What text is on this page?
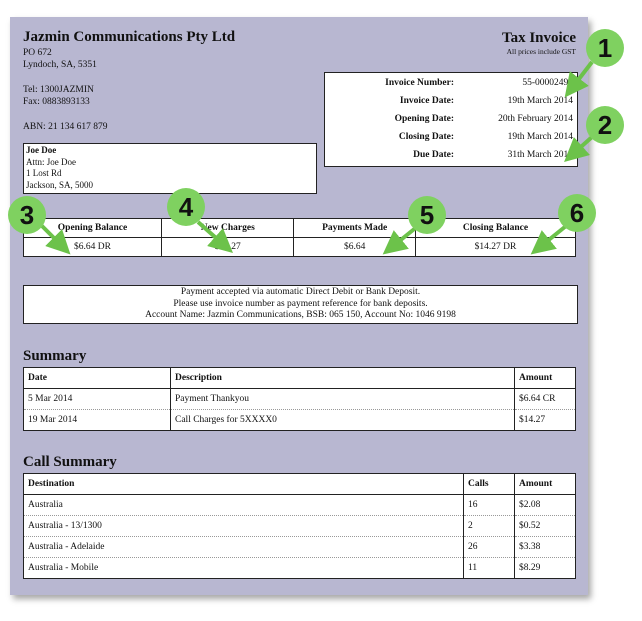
Jazmin Communications Pty Ltd
PO 672
Lyndoch, SA, 5351
Tel: 1300JAZMIN
Fax: 0883893133
ABN: 21 134 617 879
Tax Invoice
All prices include GST
Invoice Number:	55-00002496
Invoice Date:	19th March 2014
Opening Date:	20th February 2014
Closing Date:	19th March 2014
Due Date:	31th March 2014
Joe Doe
Attn: Joe Doe
1 Lost Rd
Jackson, SA, 5000
Opening Balance	New Charges	Payments Made	Closing Balance
$6.64 DR	$14.27	$6.64	$14.27 DR
Payment accepted via automatic Direct Debit or Bank Deposit.
Please use invoice number as payment reference for bank deposits.
Account Name: Jazmin Communications, BSB: 065 150, Account No: 1046 9198
Summary
Date	Description	Amount
5 Mar 2014	Payment Thankyou	$6.64 CR
19 Mar 2014	Call Charges for 5XXXX0	$14.27
Call Summary
Destination	Calls	Amount
Australia	16	$2.08
Australia - 13/1300	2	$0.52
Australia - Adelaide	26	$3.38
Australia - Mobile	11	$8.29
1
2
3	4	5	6
